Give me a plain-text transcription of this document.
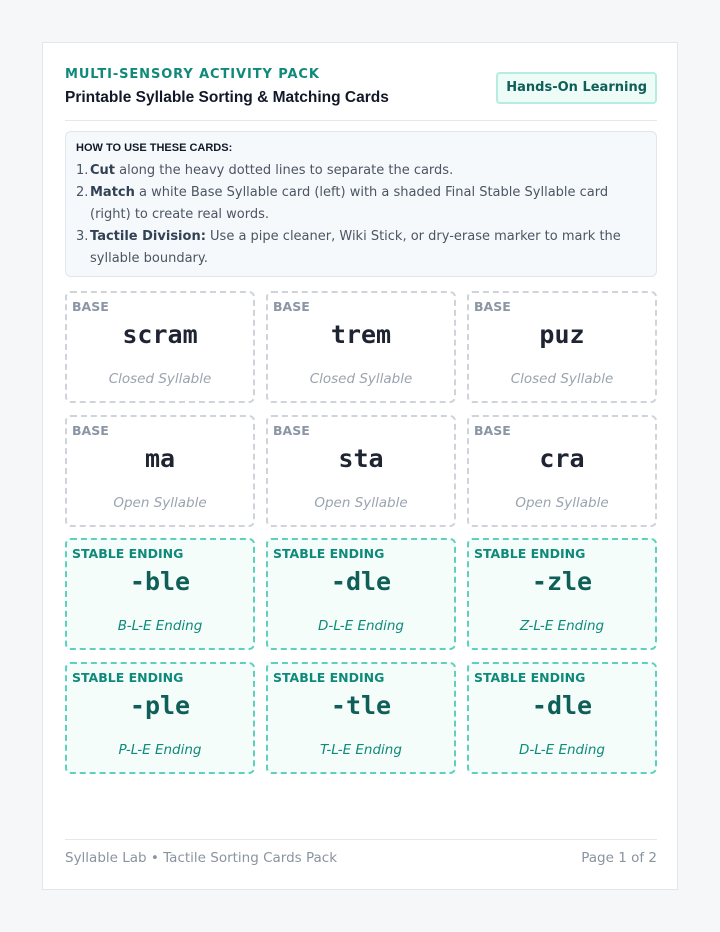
MULTI-SENSORY ACTIVITY PACK
Printable Syllable Sorting & Matching Cards
Hands-On Learning
HOW TO USE THESE CARDS:
1. Cut along the heavy dotted lines to separate the cards.
2. Match a white Base Syllable card (left) with a shaded Final Stable Syllable card (right) to create real words.
3. Tactile Division: Use a pipe cleaner, Wiki Stick, or dry-erase marker to mark the syllable boundary.
BASE
scram
Closed Syllable
BASE
trem
Closed Syllable
BASE
puz
Closed Syllable
BASE
ma
Open Syllable
BASE
sta
Open Syllable
BASE
cra
Open Syllable
STABLE ENDING
-ble
B-L-E Ending
STABLE ENDING
-dle
D-L-E Ending
STABLE ENDING
-zle
Z-L-E Ending
STABLE ENDING
-ple
P-L-E Ending
STABLE ENDING
-tle
T-L-E Ending
STABLE ENDING
-dle
D-L-E Ending
Syllable Lab • Tactile Sorting Cards Pack	Page 1 of 2
